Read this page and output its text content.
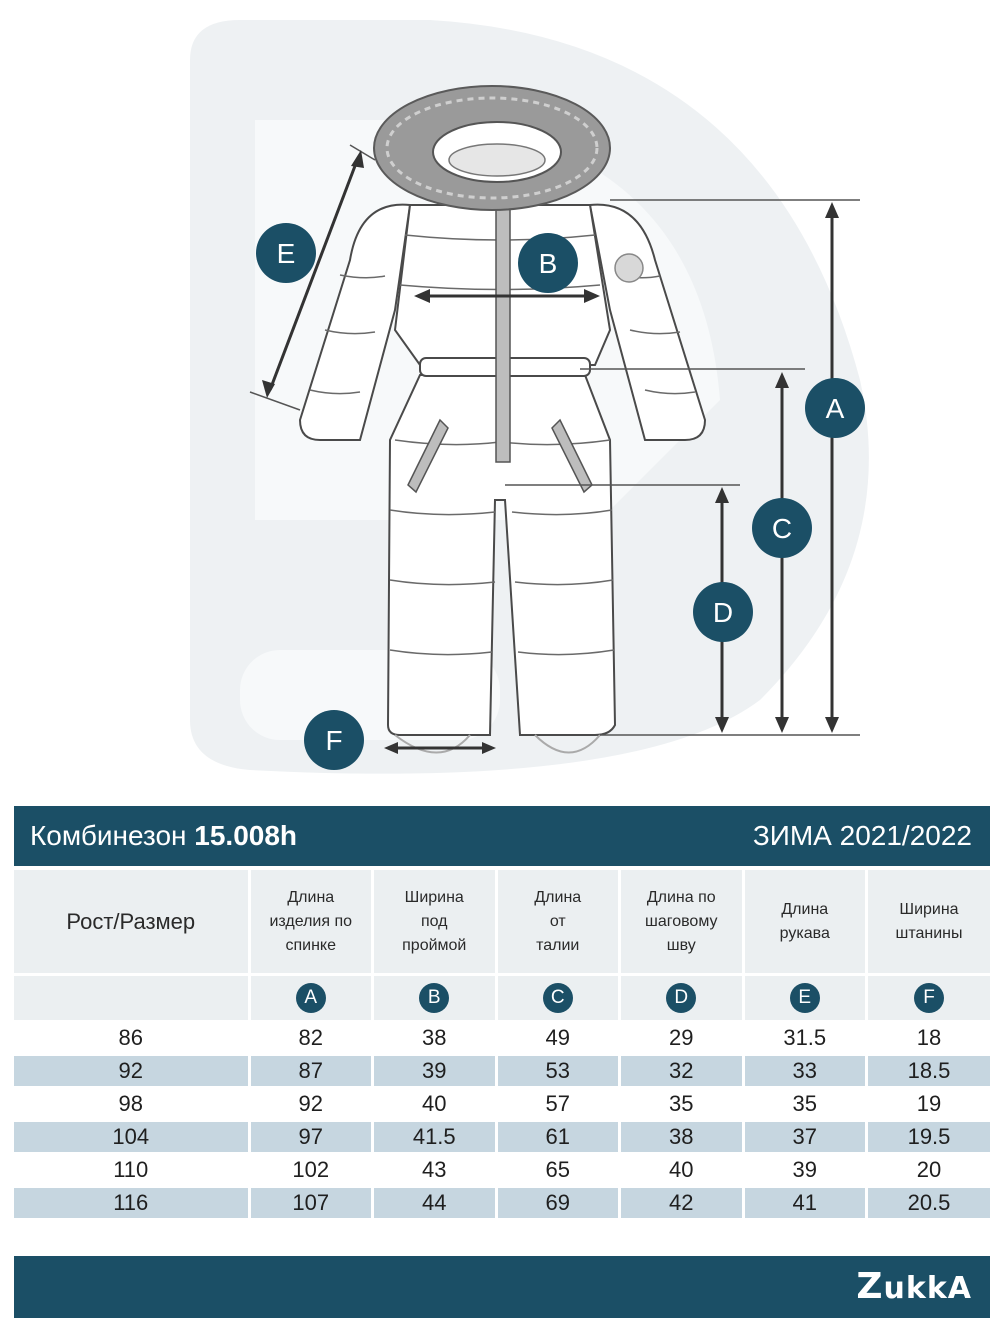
A
B
C
D
E
F
Комбинезон 15.008h	ЗИМА 2021/2022
Рост/Размер	Длина изделия по спинке	Ширина под проймой	Длина от талии	Длина по шаговому шву	Длина рукава	Ширина штанины
	A	B	C	D	E	F
86	82	38	49	29	31.5	18
92	87	39	53	32	33	18.5
98	92	40	57	35	35	19
104	97	41.5	61	38	37	19.5
110	102	43	65	40	39	20
116	107	44	69	42	41	20.5
ZukkA
